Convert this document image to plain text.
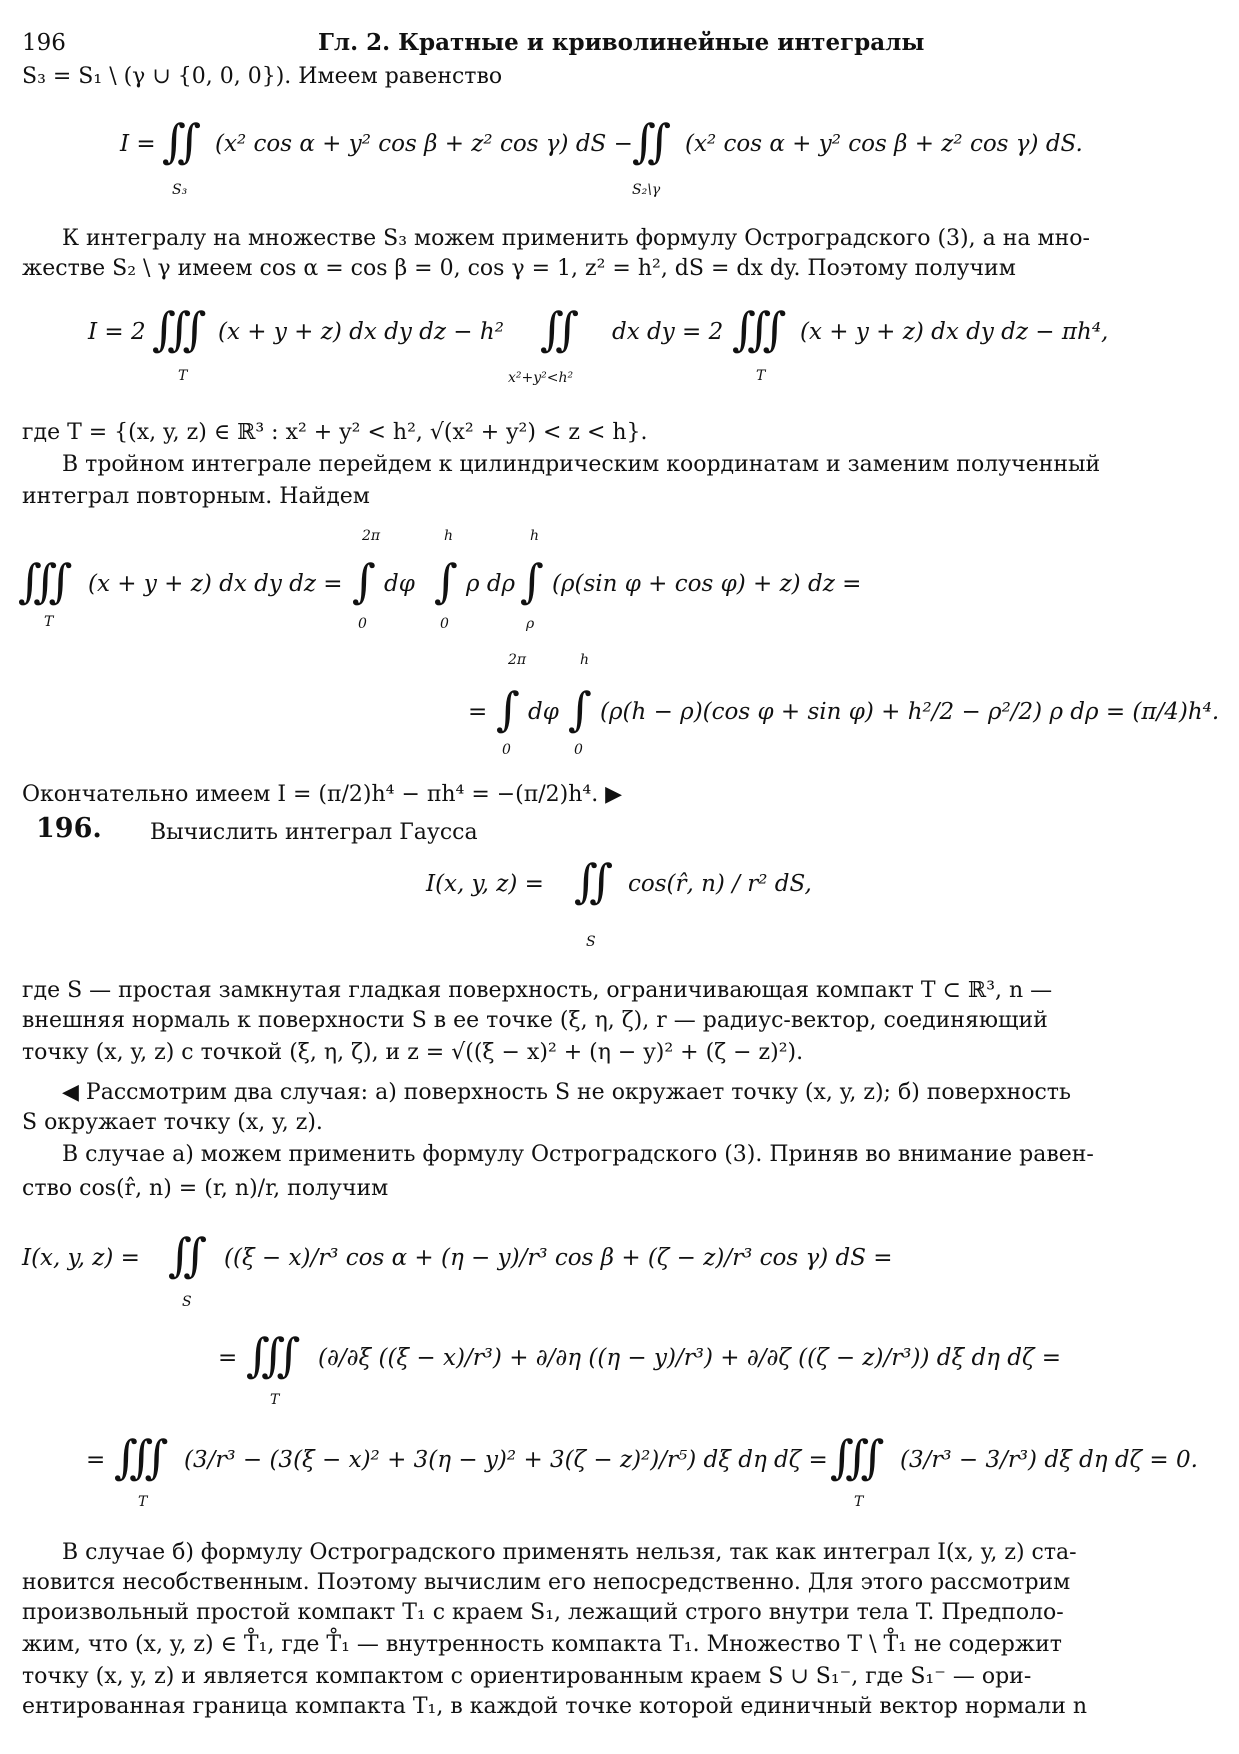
196	Гл. 2. Кратные и криволинейные интегралы
S₃ = S₁ \ (γ ∪ {0, 0, 0}). Имеем равенство
I = ∬ (x² cos α + y² cos β + z² cos γ) dS − ∬ (x² cos α + y² cos β + z² cos γ) dS.
S₃	S₂\γ
К интегралу на множестве S₃ можем применить формулу Остроградского (3), а на мно-
жестве S₂ \ γ имеем cos α = cos β = 0, cos γ = 1, z² = h², dS = dx dy. Поэтому получим
I = 2 ∭ (x + y + z) dx dy dz − h² ∬ dx dy = 2 ∭ (x + y + z) dx dy dz − πh⁴,
T	x²+y²<h²	T
где T = {(x, y, z) ∈ ℝ³ : x² + y² < h², √(x² + y²) < z < h}.
В тройном интеграле перейдем к цилиндрическим координатам и заменим полученный
интеграл повторным. Найдем
2π	h	h
∭ (x + y + z) dx dy dz = ∫ dφ ∫ ρ dρ ∫ (ρ(sin φ + cos φ) + z) dz =
T	0	0	ρ
2π	h
= ∫ dφ ∫ (ρ(h − ρ)(cos φ + sin φ) + h²/2 − ρ²/2) ρ dρ = (π/4)h⁴.
0	0
Окончательно имеем I = (π/2)h⁴ − πh⁴ = −(π/2)h⁴. ▶
196. Вычислить интеграл Гаусса
I(x, y, z) = ∬ cos(r̂, n) / r² dS,
S
где S — простая замкнутая гладкая поверхность, ограничивающая компакт T ⊂ ℝ³, n —
внешняя нормаль к поверхности S в ее точке (ξ, η, ζ), r — радиус-вектор, соединяющий
точку (x, y, z) с точкой (ξ, η, ζ), и z = √((ξ − x)² + (η − y)² + (ζ − z)²).
◀ Рассмотрим два случая: а) поверхность S не окружает точку (x, y, z); б) поверхность
S окружает точку (x, y, z).
В случае а) можем применить формулу Остроградского (3). Приняв во внимание равен-
ство cos(r̂, n) = (r, n)/r, получим
I(x, y, z) = ∬ ((ξ − x)/r³ cos α + (η − y)/r³ cos β + (ζ − z)/r³ cos γ) dS =
S
= ∭ (∂/∂ξ ((ξ − x)/r³) + ∂/∂η ((η − y)/r³) + ∂/∂ζ ((ζ − z)/r³)) dξ dη dζ =
T
= ∭ (3/r³ − (3(ξ − x)² + 3(η − y)² + 3(ζ − z)²)/r⁵) dξ dη dζ = ∭ (3/r³ − 3/r³) dξ dη dζ = 0.
T	T
В случае б) формулу Остроградского применять нельзя, так как интеграл I(x, y, z) ста-
новится несобственным. Поэтому вычислим его непосредственно. Для этого рассмотрим
произвольный простой компакт T₁ с краем S₁, лежащий строго внутри тела T. Предполо-
жим, что (x, y, z) ∈ T̊₁, где T̊₁ — внутренность компакта T₁. Множество T \ T̊₁ не содержит
точку (x, y, z) и является компактом с ориентированным краем S ∪ S₁⁻, где S₁⁻ — ори-
ентированная граница компакта T₁, в каждой точке которой единичный вектор нормали n
